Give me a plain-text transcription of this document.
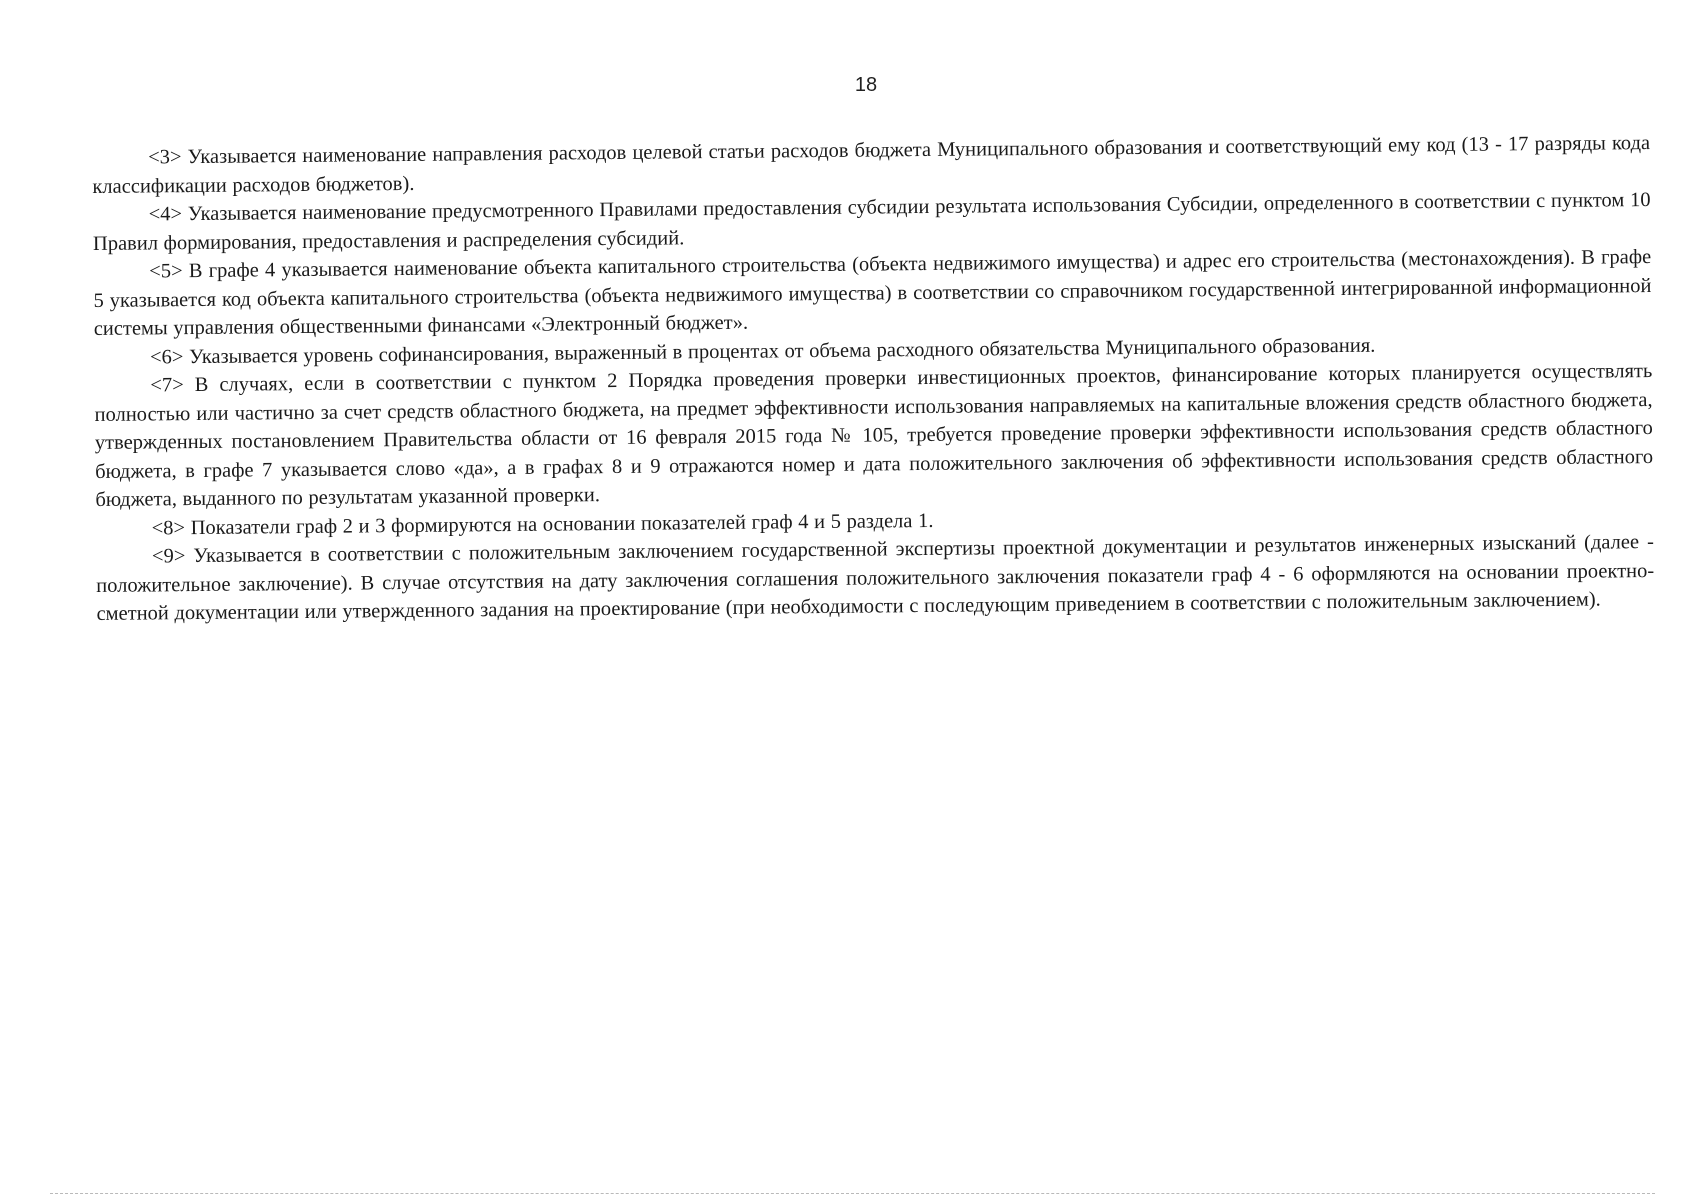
18

<3> Указывается наименование направления расходов целевой статьи расходов бюджета Муниципального образования и соответствующий ему код (13 - 17 разряды кода классификации расходов бюджетов).

<4> Указывается наименование предусмотренного Правилами предоставления субсидии результата использования Субсидии, определенного в соответствии с пунктом 10 Правил формирования, предоставления и распределения субсидий.

<5> В графе 4 указывается наименование объекта капитального строительства (объекта недвижимого имущества) и адрес его строительства (местонахождения). В графе 5 указывается код объекта капитального строительства (объекта недвижимого имущества) в соответствии со справочником государственной интегрированной информационной системы управления общественными финансами «Электронный бюджет».

<6> Указывается уровень софинансирования, выраженный в процентах от объема расходного обязательства Муниципального образования.

<7> В случаях, если в соответствии с пунктом 2 Порядка проведения проверки инвестиционных проектов, финансирование которых планируется осуществлять полностью или частично за счет средств областного бюджета, на предмет эффективности использования направляемых на капитальные вложения средств областного бюджета, утвержденных постановлением Правительства области от 16 февраля 2015 года № 105, требуется проведение проверки эффективности использования средств областного бюджета, в графе 7 указывается слово «да», а в графах 8 и 9 отражаются номер и дата положительного заключения об эффективности использования средств областного бюджета, выданного по результатам указанной проверки.

<8> Показатели граф 2 и 3 формируются на основании показателей граф 4 и 5 раздела 1.

<9> Указывается в соответствии с положительным заключением государственной экспертизы проектной документации и результатов инженерных изысканий (далее - положительное заключение). В случае отсутствия на дату заключения соглашения положительного заключения показатели граф 4 - 6 оформляются на основании проектно-сметной документации или утвержденного задания на проектирование (при необходимости с последующим приведением в соответствии с положительным заключением).
